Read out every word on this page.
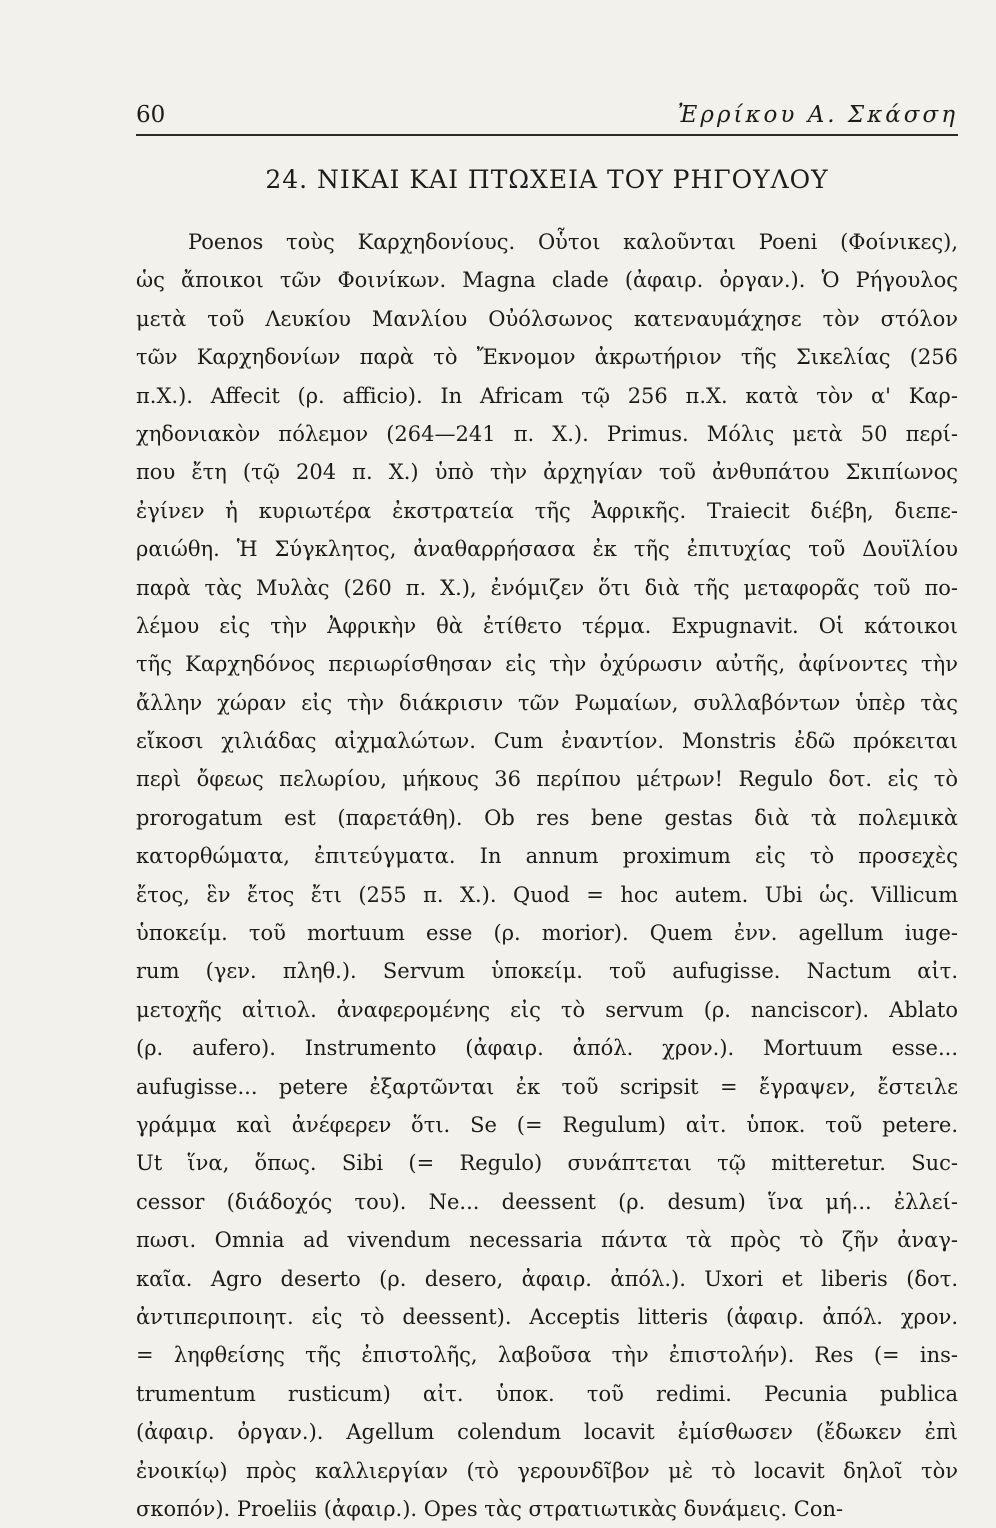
60	Ἐρρίκου Α. Σκάσση
24. ΝΙΚΑΙ ΚΑΙ ΠΤΩΧΕΙΑ ΤΟΥ ΡΗΓΟΥΛΟΥ
Poenos τοὺς Καρχηδονίους. Οὗτοι καλοῦνται Poeni (Φοίνικες),
ὡς ἄποικοι τῶν Φοινίκων. Magna clade (ἀφαιρ. ὀργαν.). Ὁ Ρήγουλος
μετὰ τοῦ Λευκίου Μανλίου Οὐόλσωνος κατεναυμάχησε τὸν στόλον
τῶν Καρχηδονίων παρὰ τὸ Ἔκνομον ἀκρωτήριον τῆς Σικελίας (256
π.Χ.). Affecit (ρ. afficio). In Africam τῷ 256 π.Χ. κατὰ τὸν α' Καρ-
χηδονιακὸν πόλεμον (264—241 π. Χ.). Primus. Μόλις μετὰ 50 περί-
που ἔτη (τῷ 204 π. Χ.) ὑπὸ τὴν ἀρχηγίαν τοῦ ἀνθυπάτου Σκιπίωνος
ἐγίνεν ἡ κυριωτέρα ἐκστρατεία τῆς Ἀφρικῆς. Traiecit διέβη, διεπε-
ραιώθη. Ἡ Σύγκλητος, ἀναθαρρήσασα ἐκ τῆς ἐπιτυχίας τοῦ Δουϊλίου
παρὰ τὰς Μυλὰς (260 π. Χ.), ἐνόμιζεν ὅτι διὰ τῆς μεταφορᾶς τοῦ πο-
λέμου εἰς τὴν Ἀφρικὴν θὰ ἐτίθετο τέρμα. Expugnavit. Οἱ κάτοικοι
τῆς Καρχηδόνος περιωρίσθησαν εἰς τὴν ὀχύρωσιν αὐτῆς, ἀφίνοντες τὴν
ἄλλην χώραν εἰς τὴν διάκρισιν τῶν Ρωμαίων, συλλαβόντων ὑπὲρ τὰς
εἴκοσι χιλιάδας αἰχμαλώτων. Cum ἐναντίον. Monstris ἐδῶ πρόκειται
περὶ ὄφεως πελωρίου, μήκους 36 περίπου μέτρων! Regulo δοτ. εἰς τὸ
prorogatum est (παρετάθη). Ob res bene gestas διὰ τὰ πολεμικὰ
κατορθώματα, ἐπιτεύγματα. In annum proximum εἰς τὸ προσεχὲς
ἔτος, ἓν ἔτος ἔτι (255 π. Χ.). Quod = hoc autem. Ubi ὡς. Villicum
ὑποκείμ. τοῦ mortuum esse (ρ. morior). Quem ἐνν. agellum iuge-
rum (γεν. πληθ.). Servum ὑποκείμ. τοῦ aufugisse. Nactum αἰτ.
μετοχῆς αἰτιολ. ἀναφερομένης εἰς τὸ servum (ρ. nanciscor). Ablato
(ρ. aufero). Instrumento (ἀφαιρ. ἀπόλ. χρον.). Mortuum esse...
aufugisse... petere ἐξαρτῶνται ἐκ τοῦ scripsit = ἔγραψεν, ἔστειλε
γράμμα καὶ ἀνέφερεν ὅτι. Se (= Regulum) αἰτ. ὑποκ. τοῦ petere.
Ut ἵνα, ὅπως. Sibi (= Regulo) συνάπτεται τῷ mitteretur. Suc-
cessor (διάδοχός του). Ne... deessent (ρ. desum) ἵνα μή... ἐλλεί-
πωσι. Omnia ad vivendum necessaria πάντα τὰ πρὸς τὸ ζῆν ἀναγ-
καῖα. Agro deserto (ρ. desero, ἀφαιρ. ἀπόλ.). Uxori et liberis (δοτ.
ἀντιπεριποιητ. εἰς τὸ deessent). Acceptis litteris (ἀφαιρ. ἀπόλ. χρον.
= ληφθείσης τῆς ἐπιστολῆς, λαβοῦσα τὴν ἐπιστολήν). Res (= ins-
trumentum rusticum) αἰτ. ὑποκ. τοῦ redimi. Pecunia publica
(ἀφαιρ. ὀργαν.). Agellum colendum locavit ἐμίσθωσεν (ἔδωκεν ἐπὶ
ἐνοικίῳ) πρὸς καλλιεργίαν (τὸ γερουνδῖβον μὲ τὸ locavit δηλοῖ τὸν
σκοπόν). Proeliis (ἀφαιρ.). Opes τὰς στρατιωτικὰς δυνάμεις. Con-
